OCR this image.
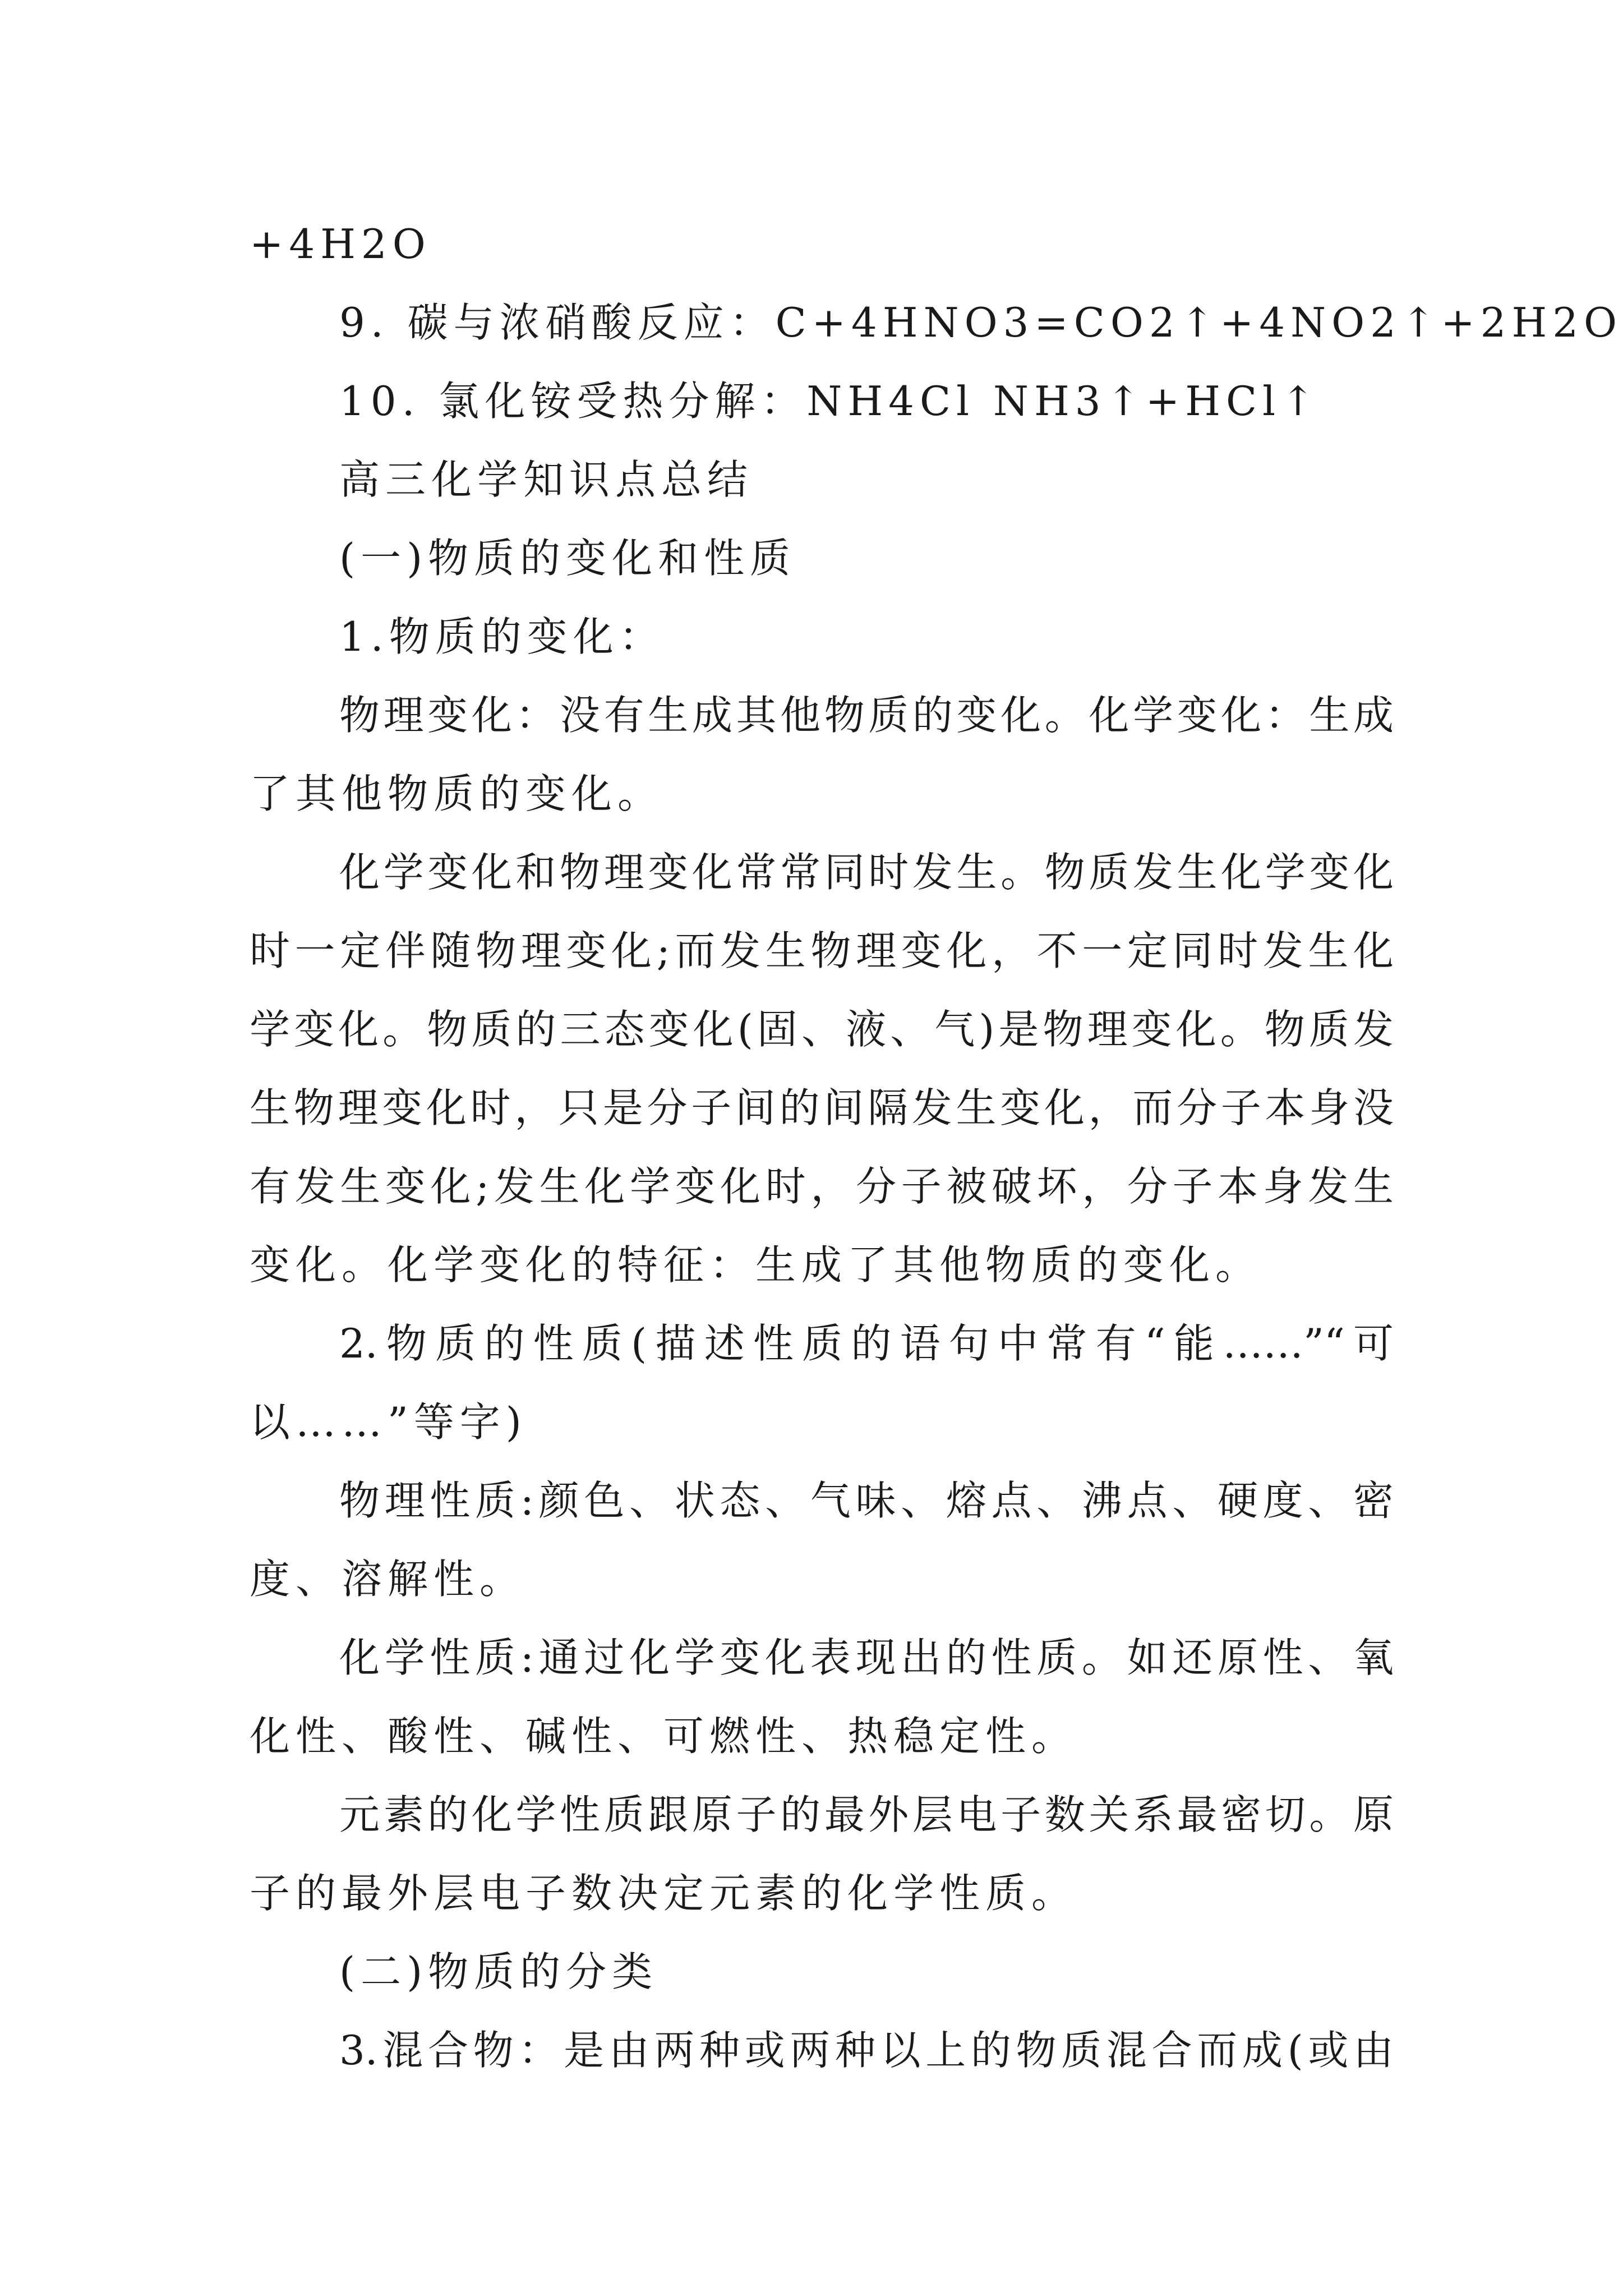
+4H2O
9. 碳与浓硝酸反应：C+4HNO3=CO2↑+4NO2↑+2H2O
10. 氯化铵受热分解：NH4Cl NH3↑+HCl↑
高三化学知识点总结
(一)物质的变化和性质
1.物质的变化：
物理变化：没有生成其他物质的变化。化学变化：生成
了其他物质的变化。
化学变化和物理变化常常同时发生。物质发生化学变化
时一定伴随物理变化;而发生物理变化，不一定同时发生化
学变化。物质的三态变化(固、液、气)是物理变化。物质发
生物理变化时，只是分子间的间隔发生变化，而分子本身没
有发生变化;发生化学变化时，分子被破坏，分子本身发生
变化。化学变化的特征：生成了其他物质的变化。
2.物质的性质(描述性质的语句中常有“能……”“可
以……”等字)
物理性质:颜色、状态、气味、熔点、沸点、硬度、密
度、溶解性。
化学性质:通过化学变化表现出的性质。如还原性、氧
化性、酸性、碱性、可燃性、热稳定性。
元素的化学性质跟原子的最外层电子数关系最密切。原
子的最外层电子数决定元素的化学性质。
(二)物质的分类
3.混合物：是由两种或两种以上的物质混合而成(或由
